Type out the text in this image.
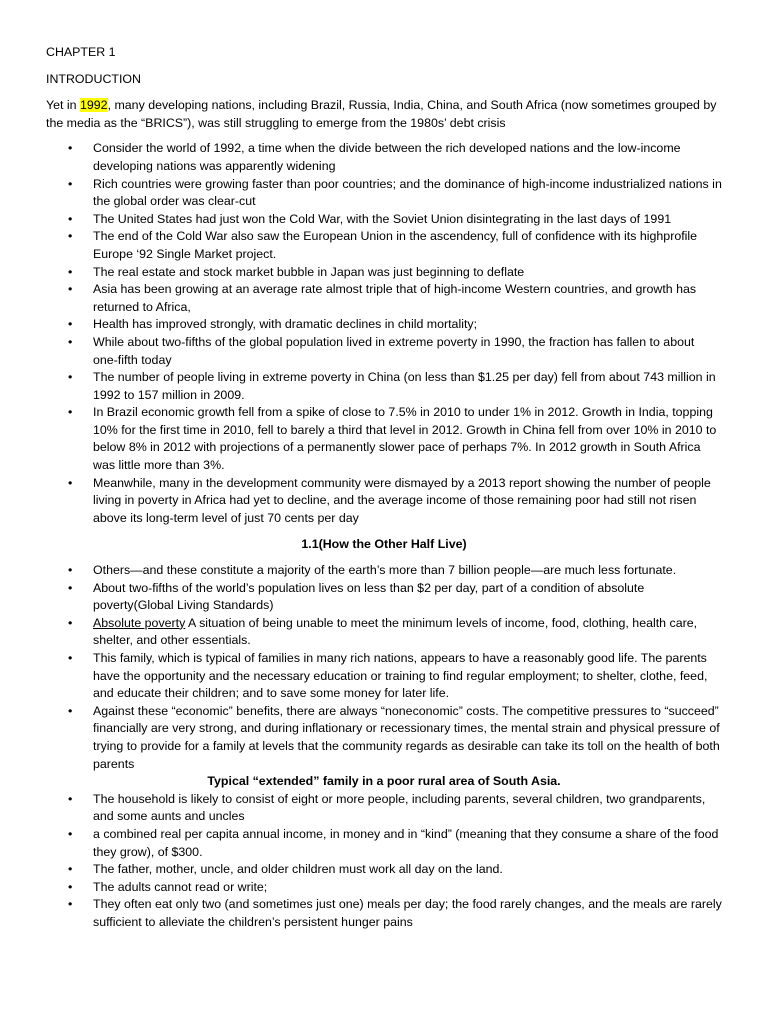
CHAPTER 1

INTRODUCTION

Yet in 1992, many developing nations, including Brazil, Russia, India, China, and South Africa (now sometimes grouped by the media as the “BRICS”), was still struggling to emerge from the 1980s’ debt crisis

• Consider the world of 1992, a time when the divide between the rich developed nations and the low-income developing nations was apparently widening
• Rich countries were growing faster than poor countries; and the dominance of high-income industrialized nations in the global order was clear-cut
• The United States had just won the Cold War, with the Soviet Union disintegrating in the last days of 1991
• The end of the Cold War also saw the European Union in the ascendency, full of confidence with its highprofile Europe ‘92 Single Market project.
• The real estate and stock market bubble in Japan was just beginning to deflate
• Asia has been growing at an average rate almost triple that of high-income Western countries, and growth has returned to Africa,
• Health has improved strongly, with dramatic declines in child mortality;
• While about two-fifths of the global population lived in extreme poverty in 1990, the fraction has fallen to about one-fifth today
• The number of people living in extreme poverty in China (on less than $1.25 per day) fell from about 743 million in 1992 to 157 million in 2009.
• In Brazil economic growth fell from a spike of close to 7.5% in 2010 to under 1% in 2012. Growth in India, topping 10% for the first time in 2010, fell to barely a third that level in 2012. Growth in China fell from over 10% in 2010 to below 8% in 2012 with projections of a permanently slower pace of perhaps 7%. In 2012 growth in South Africa was little more than 3%.
• Meanwhile, many in the development community were dismayed by a 2013 report showing the number of people living in poverty in Africa had yet to decline, and the average income of those remaining poor had still not risen above its long-term level of just 70 cents per day

1.1(How the Other Half Live)

• Others—and these constitute a majority of the earth’s more than 7 billion people—are much less fortunate.
• About two-fifths of the world’s population lives on less than $2 per day, part of a condition of absolute poverty(Global Living Standards)
• Absolute poverty A situation of being unable to meet the minimum levels of income, food, clothing, health care, shelter, and other essentials.
• This family, which is typical of families in many rich nations, appears to have a reasonably good life. The parents have the opportunity and the necessary education or training to find regular employment; to shelter, clothe, feed, and educate their children; and to save some money for later life.
• Against these “economic” benefits, there are always “noneconomic” costs. The competitive pressures to “succeed” financially are very strong, and during inflationary or recessionary times, the mental strain and physical pressure of trying to provide for a family at levels that the community regards as desirable can take its toll on the health of both parents

Typical “extended” family in a poor rural area of South Asia.

• The household is likely to consist of eight or more people, including parents, several children, two grandparents, and some aunts and uncles
• a combined real per capita annual income, in money and in “kind” (meaning that they consume a share of the food they grow), of $300.
• The father, mother, uncle, and older children must work all day on the land.
• The adults cannot read or write;
• They often eat only two (and sometimes just one) meals per day; the food rarely changes, and the meals are rarely sufficient to alleviate the children’s persistent hunger pains
